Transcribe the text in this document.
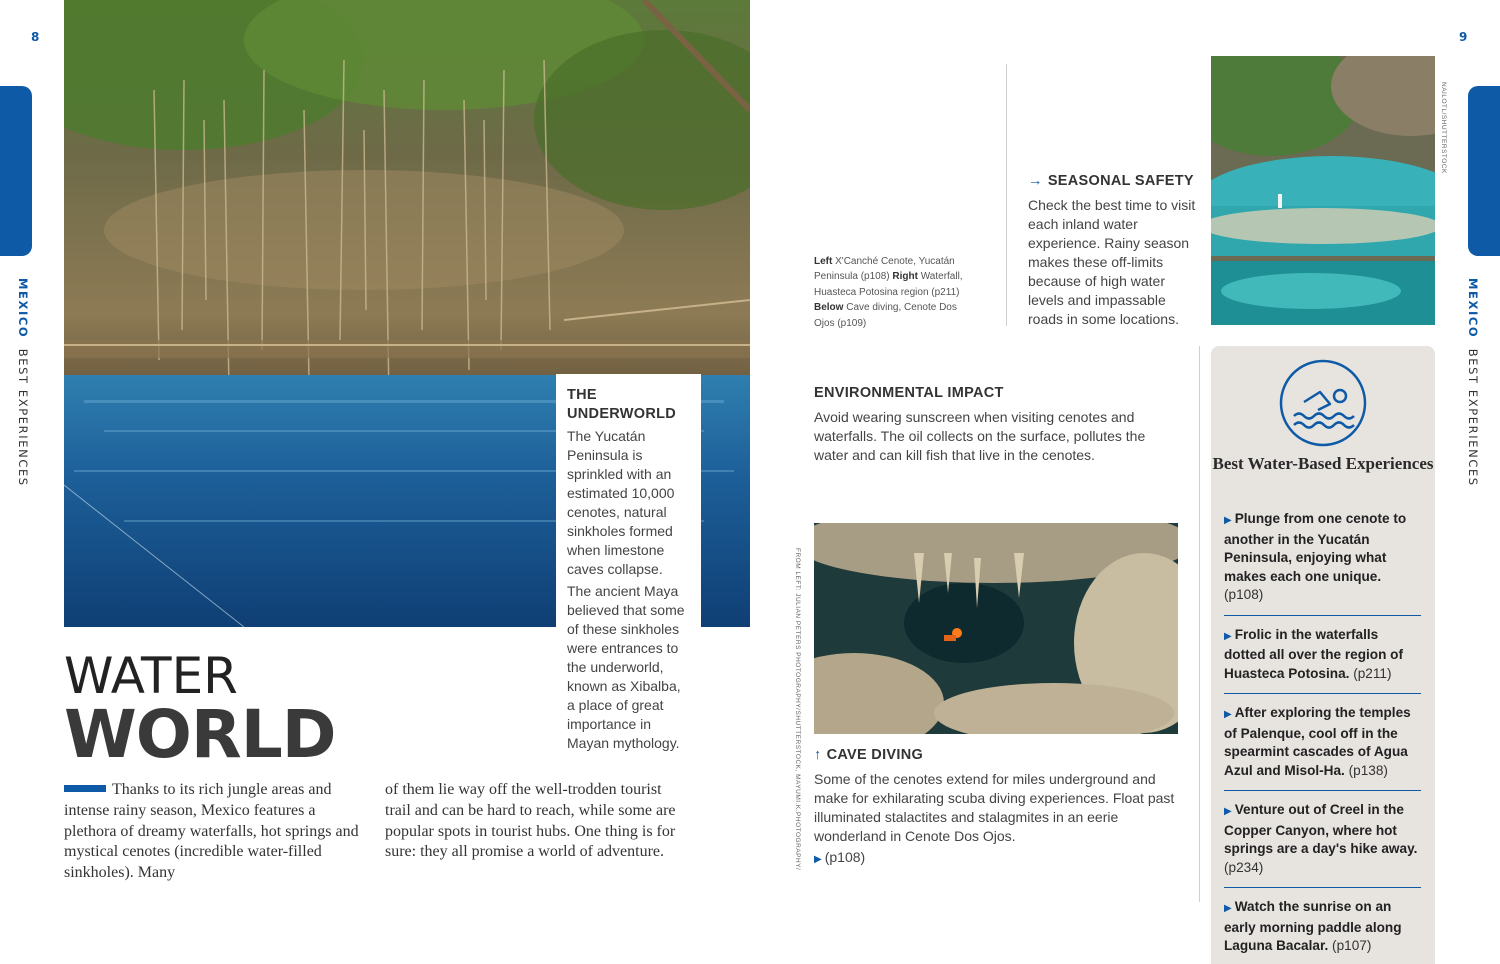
8	9
MEXICO  BEST EXPERIENCES
MEXICO  BEST EXPERIENCES
THE UNDERWORLD

The Yucatán Peninsula is sprinkled with an estimated 10,000 cenotes, natural sinkholes formed when limestone caves collapse.

The ancient Maya believed that some of these sinkholes were entrances to the underworld, known as Xibalba, a place of great importance in Mayan mythology.

WATER
WORLD
Thanks to its rich jungle areas and intense rainy season, Mexico features a plethora of dreamy waterfalls, hot springs and mystical cenotes (incredible water-filled sinkholes). Many
of them lie way off the well-trodden tourist trail and can be hard to reach, while some are popular spots in tourist hubs. One thing is for sure: they all promise a world of adventure.
Left X'Canché Cenote, Yucatán Peninsula (p108) Right Waterfall, Huasteca Potosina region (p211) Below Cave diving, Cenote Dos Ojos (p109)
→ SEASONAL SAFETY

Check the best time to visit each inland water experience. Rainy season makes these off-limits because of high water levels and impassable roads in some locations.

NAILOTL/SHUTTERSTOCK
ENVIRONMENTAL IMPACT

Avoid wearing sunscreen when visiting cenotes and waterfalls. The oil collects on the surface, pollutes the water and can kill fish that live in the cenotes.

FROM LEFT: JULIAN PETERS PHOTOGRAPHY/SHUTTERSTOCK, MAYUMI.K.PHOTOGRAPHY/ ↑ CAVE DIVING

Some of the cenotes extend for miles underground and make for exhilarating scuba diving experiences. Float past illuminated stalactites and stalagmites in an eerie wonderland in Cenote Dos Ojos.

▶ (p108)

Best Water-Based Experiences
▶ Plunge from one cenote to another in the Yucatán Peninsula, enjoying what makes each one unique. (p108)
▶ Frolic in the waterfalls dotted all over the region of Huasteca Potosina. (p211)
▶ After exploring the temples of Palenque, cool off in the spearmint cascades of Agua Azul and Misol-Ha. (p138)
▶ Venture out of Creel in the Copper Canyon, where hot springs are a day's hike away. (p234)
▶ Watch the sunrise on an early morning paddle along Laguna Bacalar. (p107)
